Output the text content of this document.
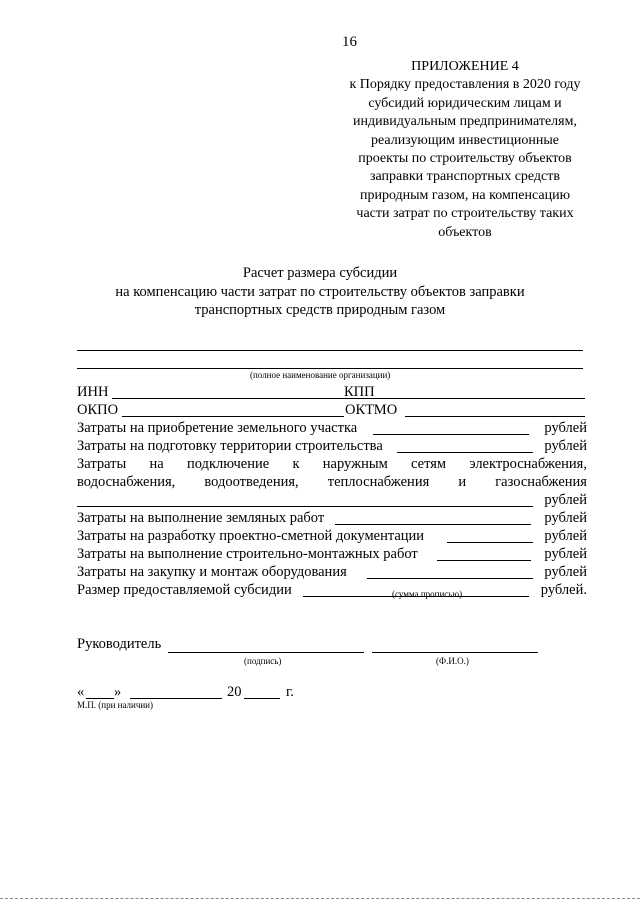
16
ПРИЛОЖЕНИЕ 4
к Порядку предоставления в 2020 году
субсидий юридическим лицам и
индивидуальным предпринимателям,
реализующим инвестиционные
проекты по строительству объектов
заправки транспортных средств
природным газом, на компенсацию
части затрат по строительству таких
объектов
Расчет размера субсидии
на компенсацию части затрат по строительству объектов заправки
транспортных средств природным газом
(полное наименование организации)
ИНН	КПП
ОКПО	ОКТМО
Затраты на приобретение земельного участка	рублей
Затраты на подготовку территории строительства	рублей
Затраты на подключение к наружным сетям электроснабжения,
водоснабжения, водоотведения, теплоснабжения и газоснабжения
рублей
Затраты на выполнение земляных работ	рублей
Затраты на разработку проектно-сметной документации	рублей
Затраты на выполнение строительно-монтажных работ	рублей
Затраты на закупку и монтаж оборудования	рублей
Размер предоставляемой субсидии	рублей.
(сумма прописью)
Руководитель
(подпись)	(Ф.И.О.)
« »	20	г.
М.П. (при наличии)
